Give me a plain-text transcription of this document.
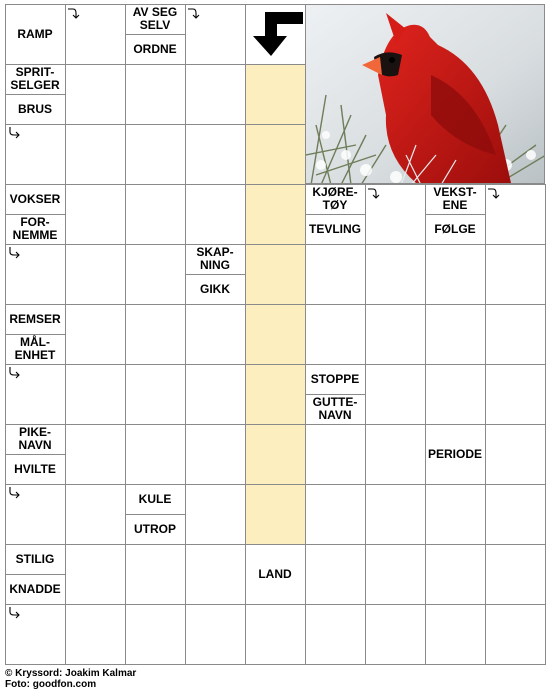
RAMP
AV SEG SELV
ORDNE
SPRIT-SELGER
BRUS
VOKSER
FOR-NEMME
SKAP-NING
GIKK
REMSER
MÅL-ENHET
PIKE-NAVN
HVILTE
KULE
UTROP
STILIG
KNADDE
LAND
KJØRE-TØY
TEVLING
VEKST-ENE
FØLGE
STOPPE
GUTTE-NAVN
PERIODE
© Kryssord: Joakim Kalmar
Foto: goodfon.com
